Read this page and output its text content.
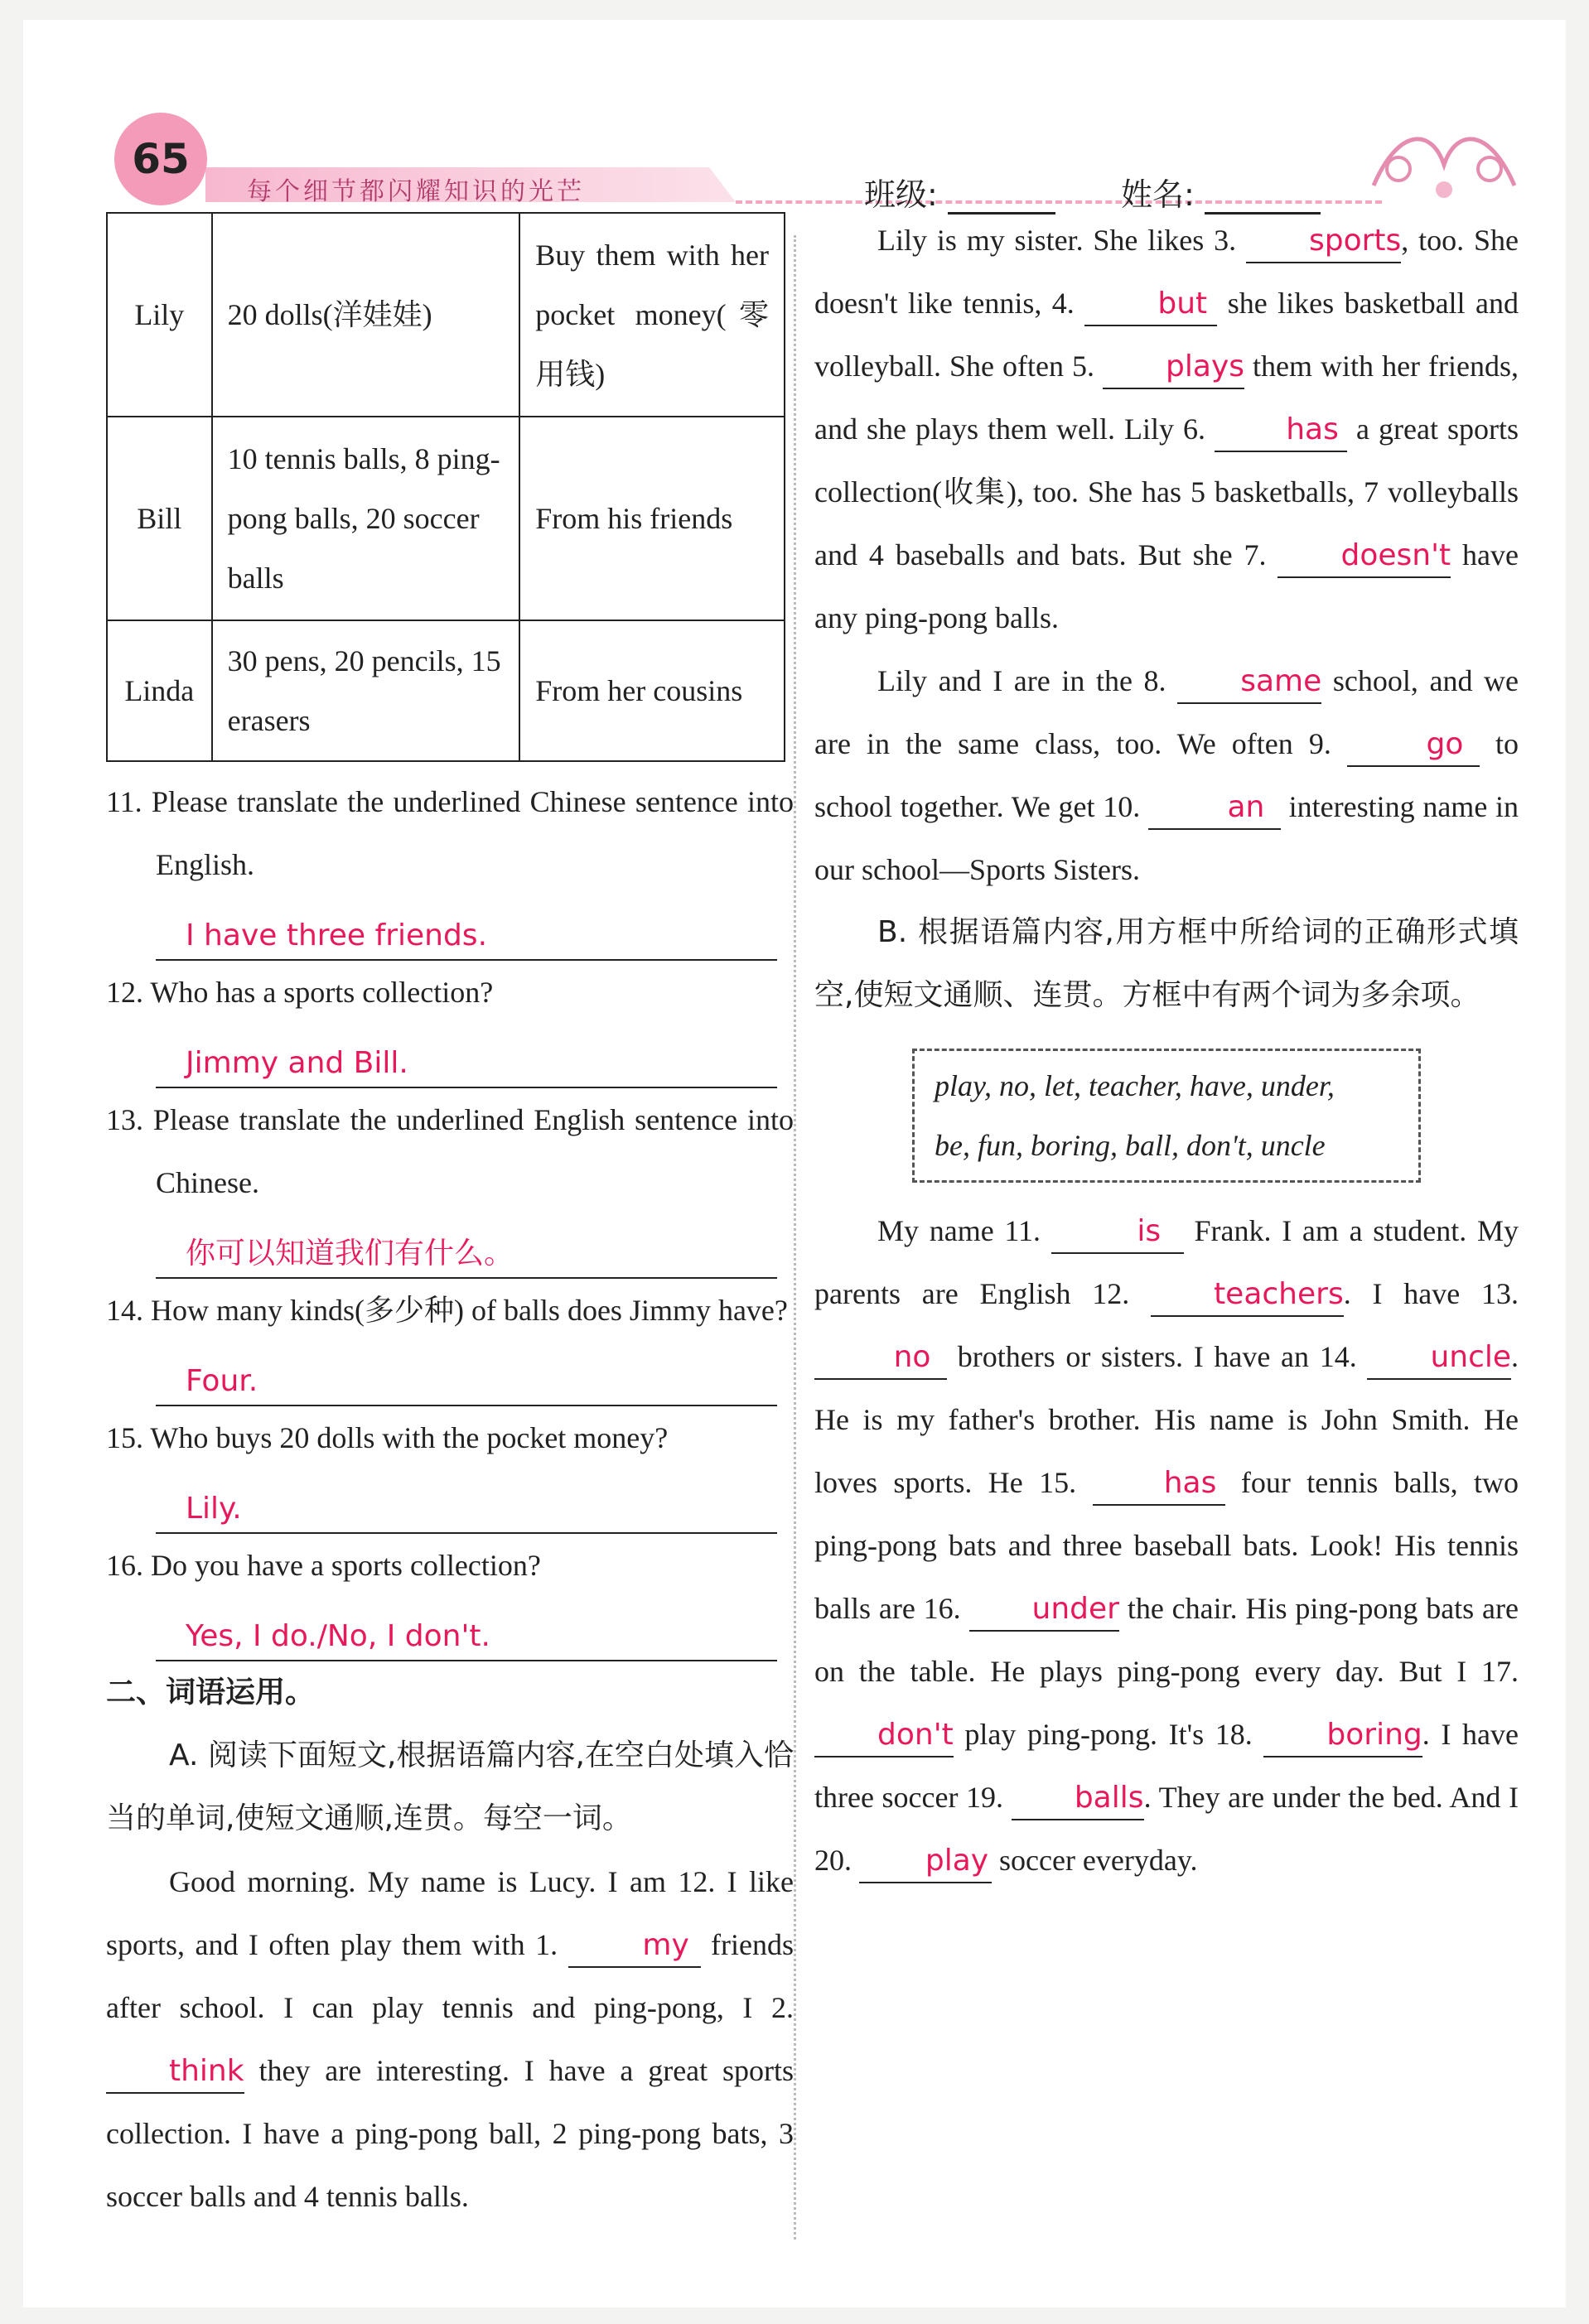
65
每个细节都闪耀知识的光芒	班级:	姓名:
Lily	20 dolls(洋娃娃)	Buy them with her pocket money(零用钱)
Bill	10 tennis balls, 8 ping-pong balls, 20 soccer balls	From his friends
Linda	30 pens, 20 pencils, 15 erasers	From her cousins

11. Please translate the underlined Chinese sentence into English.

I have three friends.

12. Who has a sports collection?

Jimmy and Bill.

13. Please translate the underlined English sentence into Chinese.

你可以知道我们有什么。

14. How many kinds(多少种) of balls does Jimmy have?

Four.

15. Who buys 20 dolls with the pocket money?

Lily.

16. Do you have a sports collection?

Yes, I do./No, I don't.

二、词语运用。

A. 阅读下面短文,根据语篇内容,在空白处填入恰当的单词,使短文通顺,连贯。每空一词。

Good morning. My name is Lucy. I am 12. I like sports, and I often play them with 1.	my friends after school. I can play tennis and ping-pong, I 2. think they are interesting. I have a great sports collection. I have a ping-pong ball, 2 ping-pong bats, 3 soccer balls and 4 tennis balls.

Lily is my sister. She likes 3. sports, too. She doesn't like tennis, 4.	but she likes basketball and volleyball. She often 5. plays them with her friends, and she plays them well. Lily 6.	has a great sports collection(收集), too. She has 5 basketballs, 7 volleyballs and 4 baseballs and bats. But she 7. doesn't have any ping-pong balls.

Lily and I are in the 8. same school, and we are in the same class, too. We often 9.	go to school together. We get 10.	an interesting name in our school—Sports Sisters.

B. 根据语篇内容,用方框中所给词的正确形式填空,使短文通顺、连贯。方框中有两个词为多余项。

play, no, let, teacher, have, under,
be, fun, boring, ball, don't, uncle

My name 11.	is Frank. I am a student. My parents are English 12.	teachers. I have 13. no brothers or sisters. I have an 14. uncle. He is my father's brother. His name is John Smith. He loves sports. He 15.	has four tennis balls, two ping-pong bats and three baseball bats. Look! His tennis balls are 16. under the chair. His ping-pong bats are on the table. He plays ping-pong every day. But I 17. don't play ping-pong. It's 18. boring. I have three soccer 19. balls. They are under the bed. And I 20. play soccer everyday.
